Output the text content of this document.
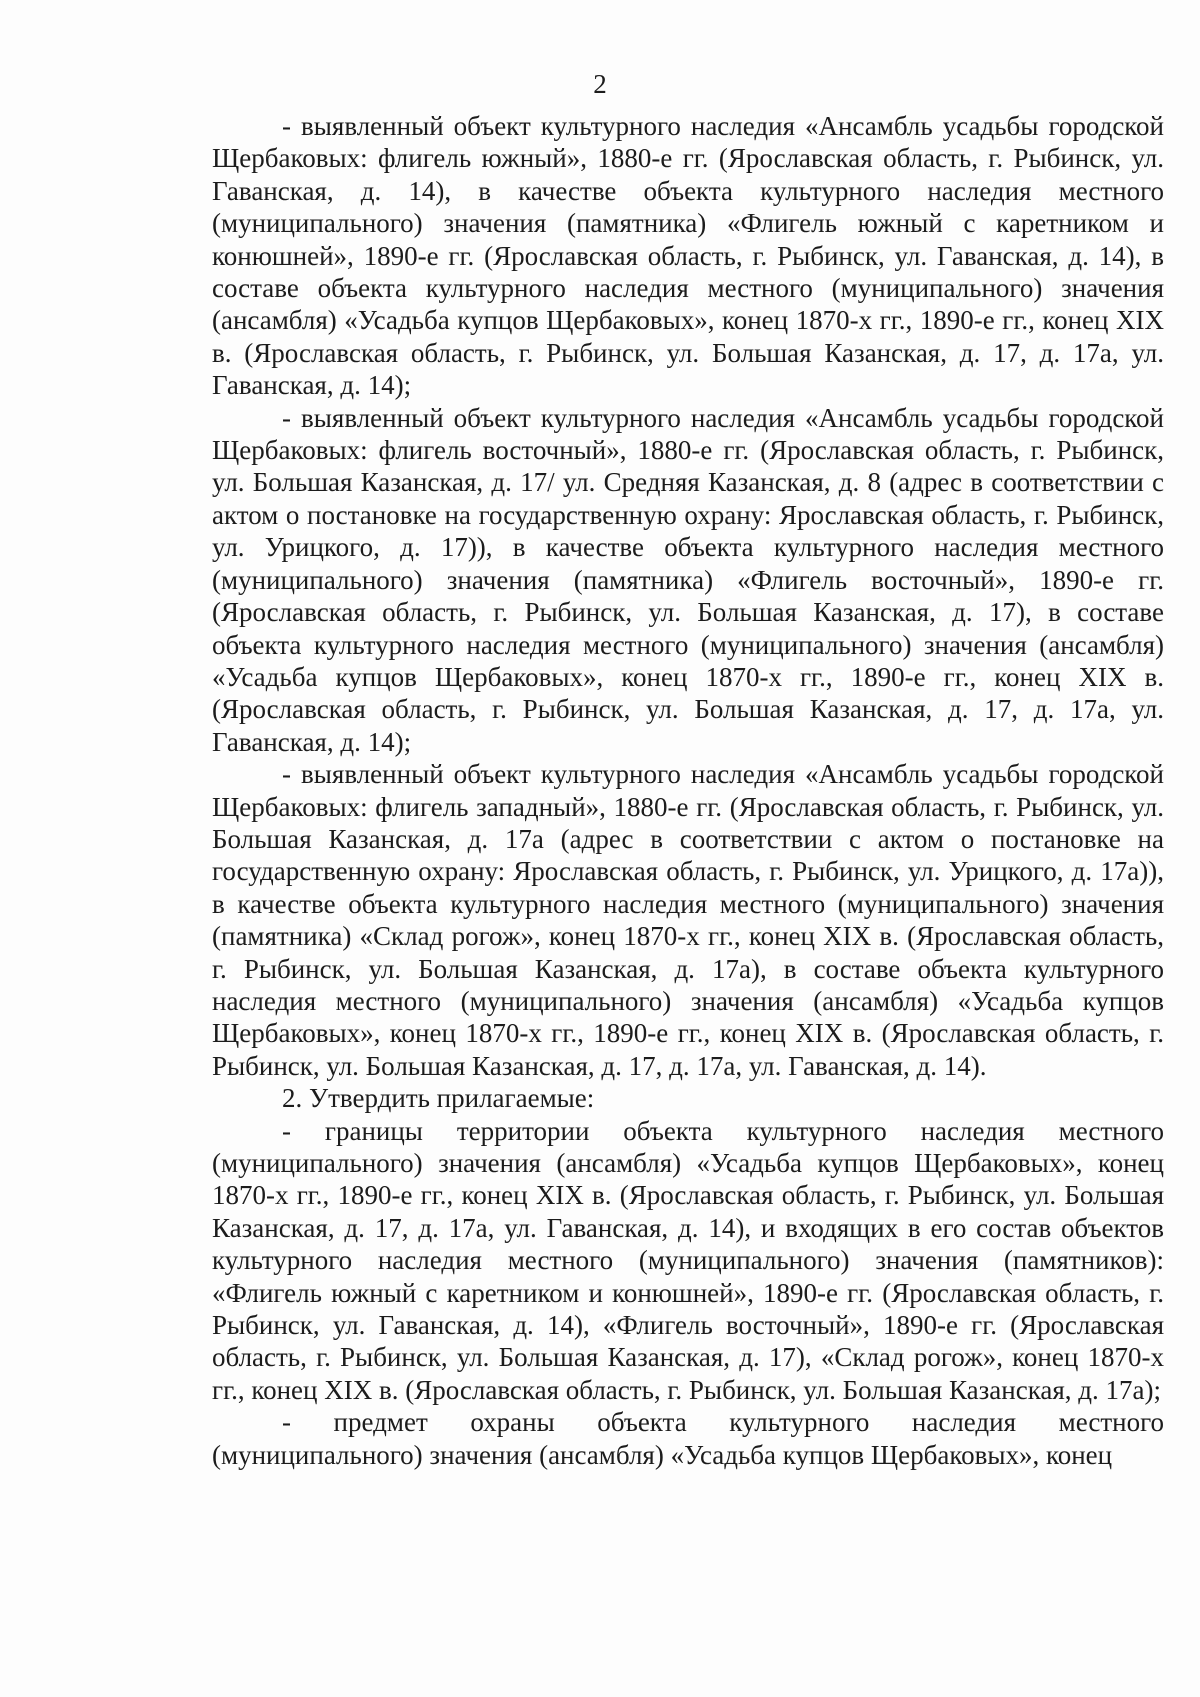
2

- выявленный объект культурного наследия «Ансамбль усадьбы городской Щербаковых: флигель южный», 1880-е гг. (Ярославская область, г. Рыбинск, ул. Гаванская, д. 14), в качестве объекта культурного наследия местного (муниципального) значения (памятника) «Флигель южный с каретником и конюшней», 1890-е гг. (Ярославская область, г. Рыбинск, ул. Гаванская, д. 14), в составе объекта культурного наследия местного (муниципального) значения (ансамбля) «Усадьба купцов Щербаковых», конец 1870-х гг., 1890-е гг., конец XIX в. (Ярославская область, г. Рыбинск, ул. Большая Казанская, д. 17, д. 17а, ул. Гаванская, д. 14);

- выявленный объект культурного наследия «Ансамбль усадьбы городской Щербаковых: флигель восточный», 1880-е гг. (Ярославская область, г. Рыбинск, ул. Большая Казанская, д. 17/ ул. Средняя Казанская, д. 8 (адрес в соответствии с актом о постановке на государственную охрану: Ярославская область, г. Рыбинск, ул. Урицкого, д. 17)), в качестве объекта культурного наследия местного (муниципального) значения (памятника) «Флигель восточный», 1890-е гг. (Ярославская область, г. Рыбинск, ул. Большая Казанская, д. 17), в составе объекта культурного наследия местного (муниципального) значения (ансамбля) «Усадьба купцов Щербаковых», конец 1870-х гг., 1890-е гг., конец XIX в. (Ярославская область, г. Рыбинск, ул. Большая Казанская, д. 17, д. 17а, ул. Гаванская, д. 14);

- выявленный объект культурного наследия «Ансамбль усадьбы городской Щербаковых: флигель западный», 1880-е гг. (Ярославская область, г. Рыбинск, ул. Большая Казанская, д. 17а (адрес в соответствии с актом о постановке на государственную охрану: Ярославская область, г. Рыбинск, ул. Урицкого, д. 17а)), в качестве объекта культурного наследия местного (муниципального) значения (памятника) «Склад рогож», конец 1870-х гг., конец XIX в. (Ярославская область, г. Рыбинск, ул. Большая Казанская, д. 17а), в составе объекта культурного наследия местного (муниципального) значения (ансамбля) «Усадьба купцов Щербаковых», конец 1870-х гг., 1890-е гг., конец XIX в. (Ярославская область, г. Рыбинск, ул. Большая Казанская, д. 17, д. 17а, ул. Гаванская, д. 14).

2. Утвердить прилагаемые:

- границы территории объекта культурного наследия местного (муниципального) значения (ансамбля) «Усадьба купцов Щербаковых», конец 1870-х гг., 1890-е гг., конец XIX в. (Ярославская область, г. Рыбинск, ул. Большая Казанская, д. 17, д. 17а, ул. Гаванская, д. 14), и входящих в его состав объектов культурного наследия местного (муниципального) значения (памятников): «Флигель южный с каретником и конюшней», 1890-е гг. (Ярославская область, г. Рыбинск, ул. Гаванская, д. 14), «Флигель восточный», 1890-е гг. (Ярославская область, г. Рыбинск, ул. Большая Казанская, д. 17), «Склад рогож», конец 1870-х гг., конец XIX в. (Ярославская область, г. Рыбинск, ул. Большая Казанская, д. 17а);

- предмет охраны объекта культурного наследия местного (муниципального) значения (ансамбля) «Усадьба купцов Щербаковых», конец
